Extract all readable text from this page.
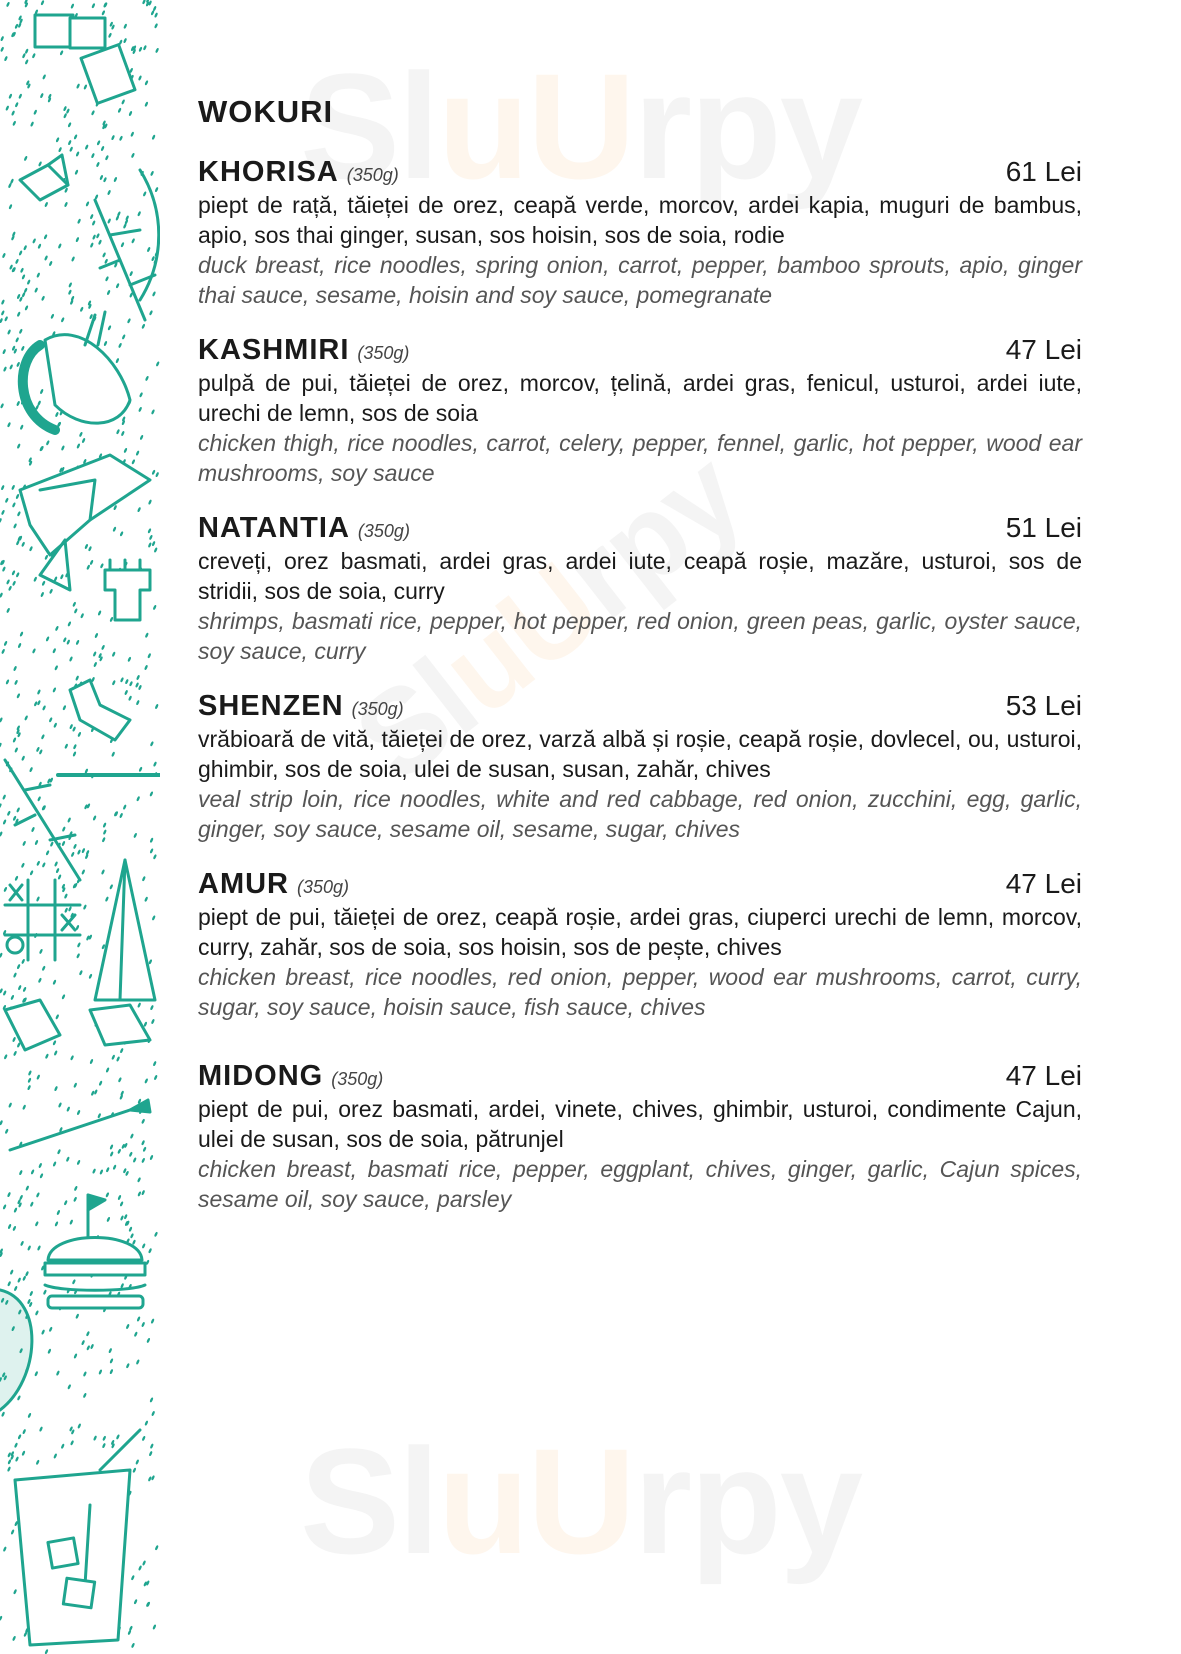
uU
uU
uU
WOKURI
KHORISA (350g)	61 Lei
piept de rață, tăieței de orez, ceapă verde, morcov, ardei kapia, muguri de bambus, apio, sos thai ginger, susan, sos hoisin, sos de soia, rodie
duck breast, rice noodles, spring onion, carrot, pepper, bamboo sprouts, apio, ginger thai sauce, sesame, hoisin and soy sauce, pomegranate
KASHMIRI (350g)	47 Lei
pulpă de pui, tăieței de orez, morcov, țelină, ardei gras, fenicul, usturoi, ardei iute, urechi de lemn, sos de soia
chicken thigh, rice noodles, carrot, celery, pepper, fennel, garlic, hot pepper, wood ear mushrooms, soy sauce
NATANTIA (350g)	51 Lei
creveți, orez basmati, ardei gras, ardei iute, ceapă roșie, mazăre, usturoi, sos de stridii, sos de soia, curry
shrimps, basmati rice, pepper, hot pepper, red onion, green peas, garlic, oyster sauce, soy sauce, curry
SHENZEN (350g)	53 Lei
vrăbioară de vită, tăieței de orez, varză albă și roșie, ceapă roșie, dovlecel, ou, usturoi, ghimbir, sos de soia, ulei de susan, susan, zahăr, chives
veal strip loin, rice noodles, white and red cabbage, red onion, zucchini, egg, garlic, ginger, soy sauce, sesame oil, sesame, sugar, chives
AMUR (350g)	47 Lei
piept de pui, tăieței de orez, ceapă roșie, ardei gras, ciuperci urechi de lemn, morcov, curry, zahăr, sos de soia, sos hoisin, sos de pește, chives
chicken breast, rice noodles, red onion, pepper, wood ear mushrooms, carrot, curry, sugar, soy sauce, hoisin sauce, fish sauce, chives
MIDONG (350g)	47 Lei
piept de pui, orez basmati, ardei, vinete, chives, ghimbir, usturoi, condimente Cajun, ulei de susan, sos de soia, pătrunjel
chicken breast, basmati rice, pepper, eggplant, chives, ginger, garlic, Cajun spices, sesame oil, soy sauce, parsley
